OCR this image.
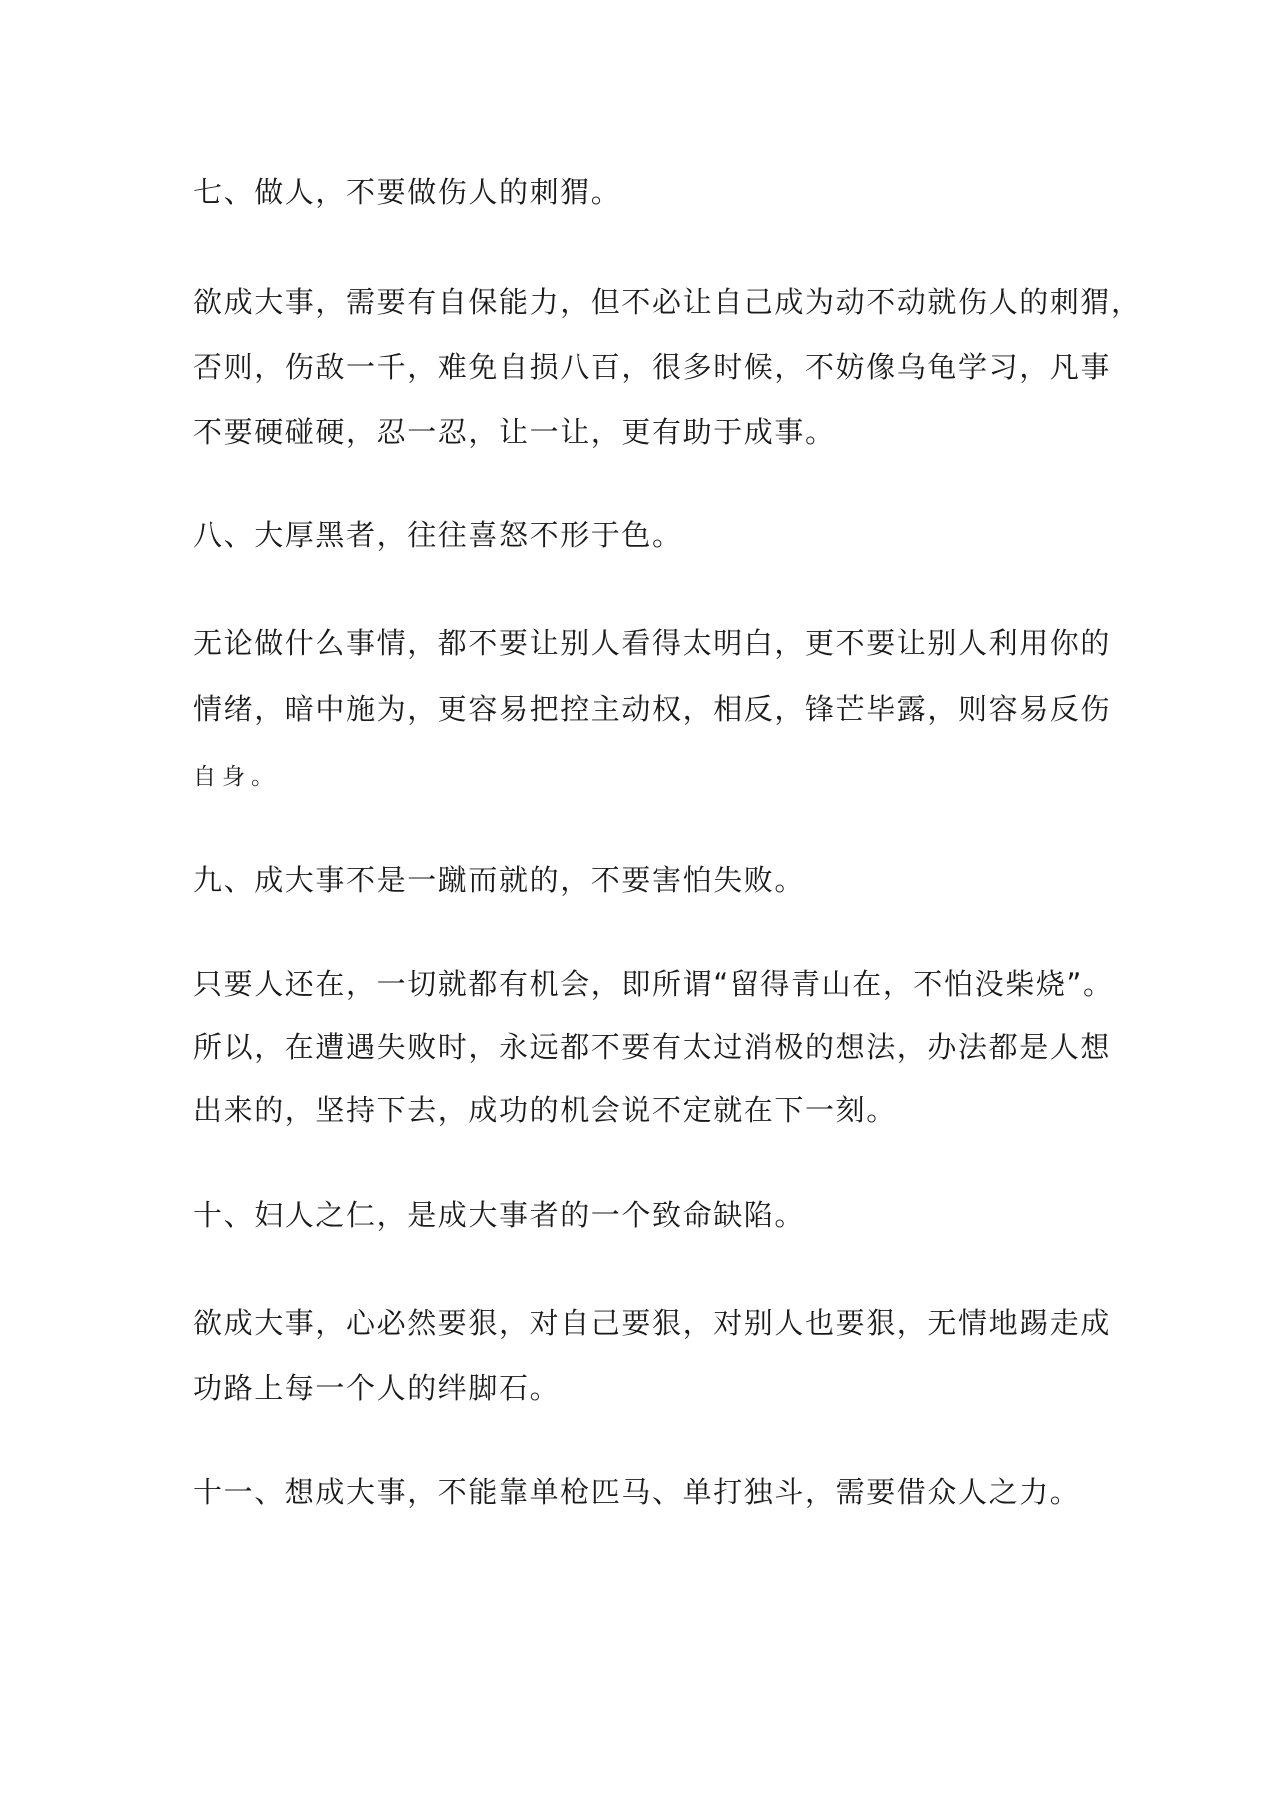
七、做人，不要做伤人的刺猬。

欲成大事，需要有自保能力，但不必让自己成为动不动就伤人的刺猬，

否则，伤敌一千，难免自损八百，很多时候，不妨像乌龟学习，凡事

不要硬碰硬，忍一忍，让一让，更有助于成事。

八、大厚黑者，往往喜怒不形于色。

无论做什么事情，都不要让别人看得太明白，更不要让别人利用你的

情绪，暗中施为，更容易把控主动权，相反，锋芒毕露，则容易反伤

自身。

九、成大事不是一蹴而就的，不要害怕失败。

只要人还在，一切就都有机会，即所谓“留得青山在，不怕没柴烧”。

所以，在遭遇失败时，永远都不要有太过消极的想法，办法都是人想

出来的，坚持下去，成功的机会说不定就在下一刻。

十、妇人之仁，是成大事者的一个致命缺陷。

欲成大事，心必然要狠，对自己要狠，对别人也要狠，无情地踢走成

功路上每一个人的绊脚石。

十一、想成大事，不能靠单枪匹马、单打独斗，需要借众人之力。
